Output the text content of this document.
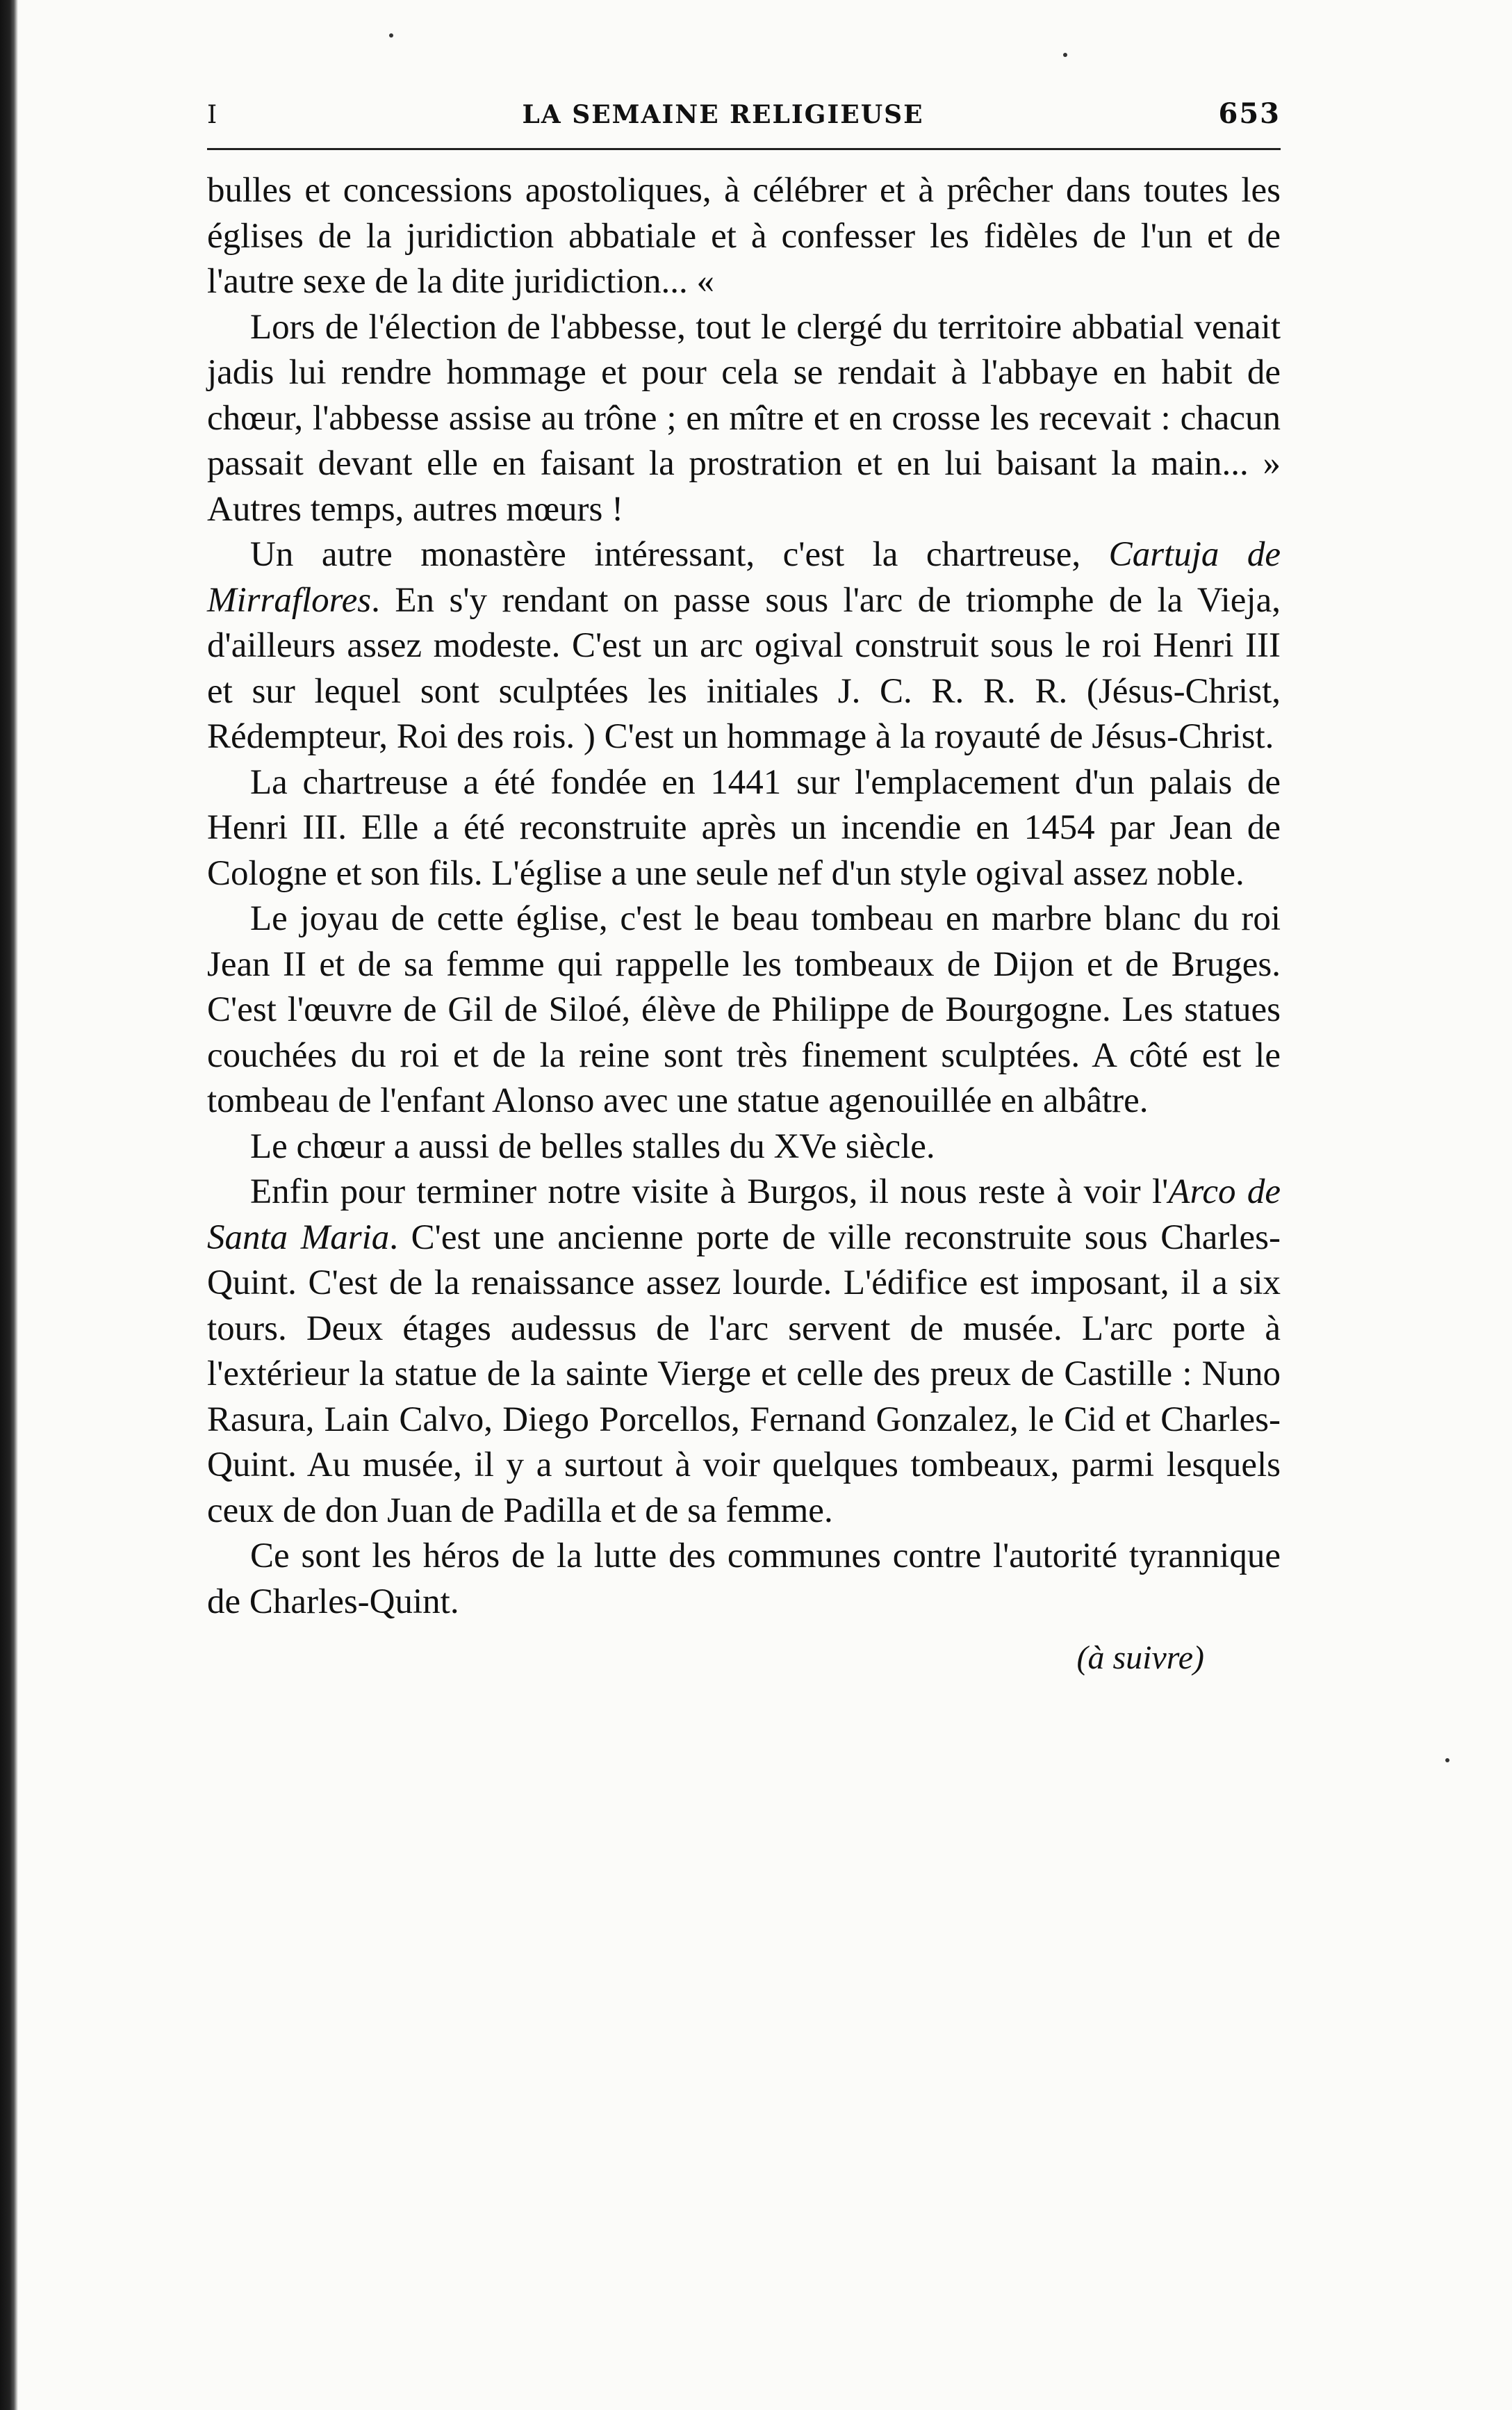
I	LA SEMAINE RELIGIEUSE	653

bulles et concessions apostoliques, à célébrer et à prêcher dans toutes les églises de la juridiction abbatiale et à confesser les fidèles de l'un et de l'autre sexe de la dite juridiction... «

Lors de l'élection de l'abbesse, tout le clergé du territoire abbatial venait jadis lui rendre hommage et pour cela se rendait à l'abbaye en habit de chœur, l'abbesse assise au trône ; en mître et en crosse les recevait : chacun passait devant elle en faisant la prostration et en lui baisant la main... » Autres temps, autres mœurs !

Un autre monastère intéressant, c'est la chartreuse, Cartuja de Mirraflores. En s'y rendant on passe sous l'arc de triomphe de la Vieja, d'ailleurs assez modeste. C'est un arc ogival construit sous le roi Henri III et sur lequel sont sculptées les initiales J. C. R. R. R. (Jésus-Christ, Rédempteur, Roi des rois. ) C'est un hommage à la royauté de Jésus-Christ.

La chartreuse a été fondée en 1441 sur l'emplacement d'un palais de Henri III. Elle a été reconstruite après un incendie en 1454 par Jean de Cologne et son fils. L'église a une seule nef d'un style ogival assez noble.

Le joyau de cette église, c'est le beau tombeau en marbre blanc du roi Jean II et de sa femme qui rappelle les tombeaux de Dijon et de Bruges. C'est l'œuvre de Gil de Siloé, élève de Philippe de Bourgogne. Les statues couchées du roi et de la reine sont très finement sculptées. A côté est le tombeau de l'enfant Alonso avec une statue agenouillée en albâtre.

Le chœur a aussi de belles stalles du XVe siècle.

Enfin pour terminer notre visite à Burgos, il nous reste à voir l'Arco de Santa Maria. C'est une ancienne porte de ville reconstruite sous Charles-Quint. C'est de la renaissance assez lourde. L'édifice est imposant, il a six tours. Deux étages audessus de l'arc servent de musée. L'arc porte à l'extérieur la statue de la sainte Vierge et celle des preux de Castille : Nuno Rasura, Lain Calvo, Diego Porcellos, Fernand Gonzalez, le Cid et Charles-Quint. Au musée, il y a surtout à voir quelques tombeaux, parmi lesquels ceux de don Juan de Padilla et de sa femme.

Ce sont les héros de la lutte des communes contre l'autorité tyrannique de Charles-Quint.

(à suivre)
